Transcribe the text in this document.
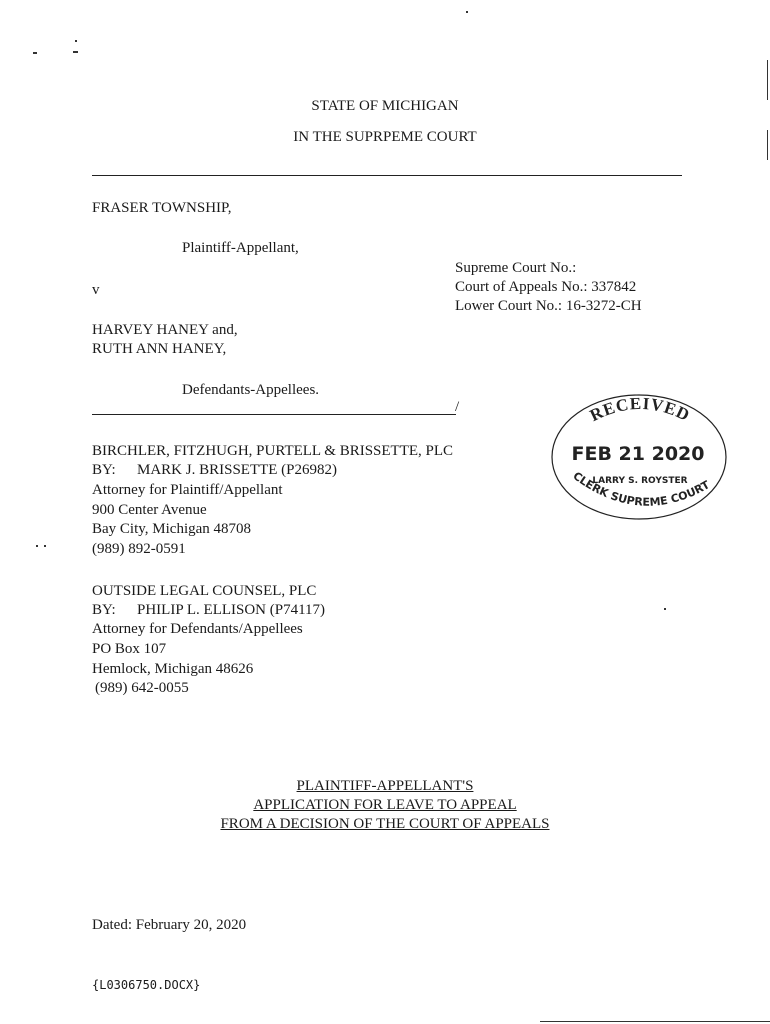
STATE OF MICHIGAN
IN THE SUPRPEME COURT
FRASER TOWNSHIP,
Plaintiff-Appellant,
v
HARVEY HANEY and,
RUTH ANN HANEY,
Defendants-Appellees.
/
Supreme Court No.:
Court of Appeals No.: 337842
Lower Court No.: 16-3272-CH
RECEIVED
FEB 21 2020
LARRY S. ROYSTER
CLERK SUPREME COURT
BIRCHLER, FITZHUGH, PURTELL & BRISSETTE, PLC
BY: MARK J. BRISSETTE (P26982)
Attorney for Plaintiff/Appellant
900 Center Avenue
Bay City, Michigan 48708
(989) 892-0591
OUTSIDE LEGAL COUNSEL, PLC
BY: PHILIP L. ELLISON (P74117)
Attorney for Defendants/Appellees
PO Box 107
Hemlock, Michigan 48626
(989) 642-0055
PLAINTIFF-APPELLANT'S
APPLICATION FOR LEAVE TO APPEAL
FROM A DECISION OF THE COURT OF APPEALS
Dated: February 20, 2020
{L0306750.DOCX}
